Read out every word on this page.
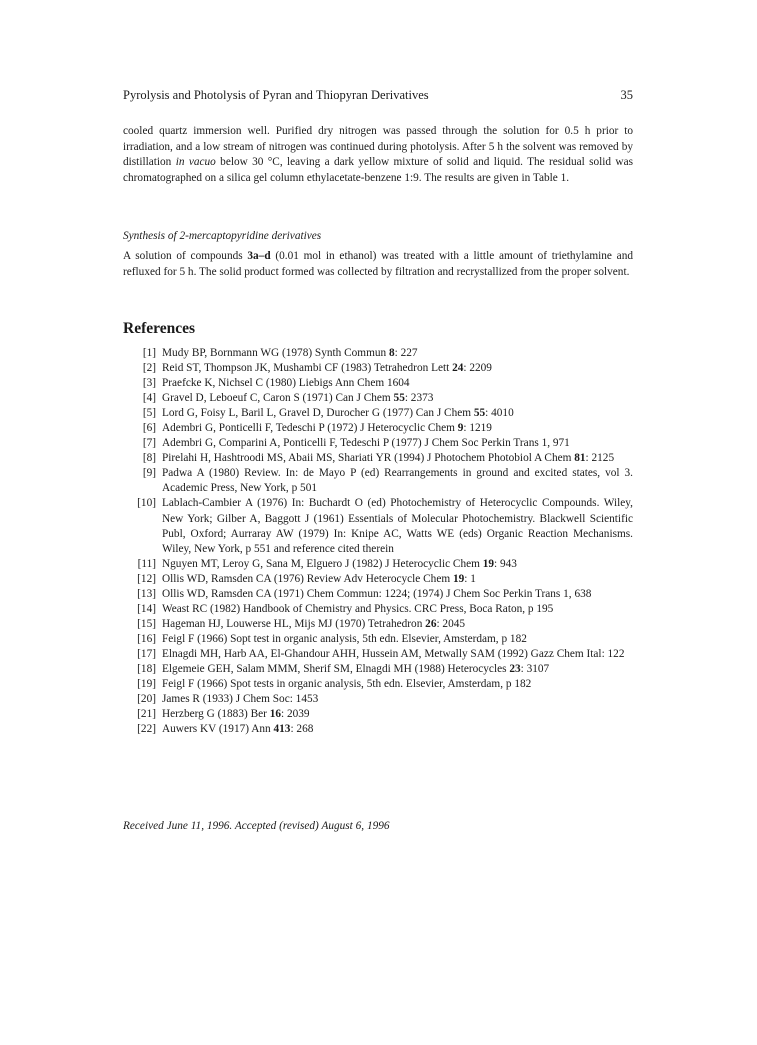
Pyrolysis and Photolysis of Pyran and Thiopyran Derivatives	35
cooled quartz immersion well. Purified dry nitrogen was passed through the solution for 0.5 h prior to irradiation, and a low stream of nitrogen was continued during photolysis. After 5 h the solvent was removed by distillation in vacuo below 30 °C, leaving a dark yellow mixture of solid and liquid. The residual solid was chromatographed on a silica gel column ethylacetate-benzene 1:9. The results are given in Table 1.
Synthesis of 2-mercaptopyridine derivatives
A solution of compounds 3a–d (0.01 mol in ethanol) was treated with a little amount of triethylamine and refluxed for 5 h. The solid product formed was collected by filtration and recrystallized from the proper solvent.
References
[1] Mudy BP, Bornmann WG (1978) Synth Commun 8: 227
[2] Reid ST, Thompson JK, Mushambi CF (1983) Tetrahedron Lett 24: 2209
[3] Praefcke K, Nichsel C (1980) Liebigs Ann Chem 1604
[4] Gravel D, Leboeuf C, Caron S (1971) Can J Chem 55: 2373
[5] Lord G, Foisy L, Baril L, Gravel D, Durocher G (1977) Can J Chem 55: 4010
[6] Adembri G, Ponticelli F, Tedeschi P (1972) J Heterocyclic Chem 9: 1219
[7] Adembri G, Comparini A, Ponticelli F, Tedeschi P (1977) J Chem Soc Perkin Trans 1, 971
[8] Pirelahi H, Hashtroodi MS, Abaii MS, Shariati YR (1994) J Photochem Photobiol A Chem 81: 2125
[9] Padwa A (1980) Review. In: de Mayo P (ed) Rearrangements in ground and excited states, vol 3. Academic Press, New York, p 501
[10] Lablach-Cambier A (1976) In: Buchardt O (ed) Photochemistry of Heterocyclic Compounds. Wiley, New York; Gilber A, Baggott J (1961) Essentials of Molecular Photochemistry. Blackwell Scientific Publ, Oxford; Aurraray AW (1979) In: Knipe AC, Watts WE (eds) Organic Reaction Mechanisms. Wiley, New York, p 551 and reference cited therein
[11] Nguyen MT, Leroy G, Sana M, Elguero J (1982) J Heterocyclic Chem 19: 943
[12] Ollis WD, Ramsden CA (1976) Review Adv Heterocycle Chem 19: 1
[13] Ollis WD, Ramsden CA (1971) Chem Commun: 1224; (1974) J Chem Soc Perkin Trans 1, 638
[14] Weast RC (1982) Handbook of Chemistry and Physics. CRC Press, Boca Raton, p 195
[15] Hageman HJ, Louwerse HL, Mijs MJ (1970) Tetrahedron 26: 2045
[16] Feigl F (1966) Sopt test in organic analysis, 5th edn. Elsevier, Amsterdam, p 182
[17] Elnagdi MH, Harb AA, El-Ghandour AHH, Hussein AM, Metwally SAM (1992) Gazz Chem Ital: 122
[18] Elgemeie GEH, Salam MMM, Sherif SM, Elnagdi MH (1988) Heterocycles 23: 3107
[19] Feigl F (1966) Spot tests in organic analysis, 5th edn. Elsevier, Amsterdam, p 182
[20] James R (1933) J Chem Soc: 1453
[21] Herzberg G (1883) Ber 16: 2039
[22] Auwers KV (1917) Ann 413: 268
Received June 11, 1996. Accepted (revised) August 6, 1996
